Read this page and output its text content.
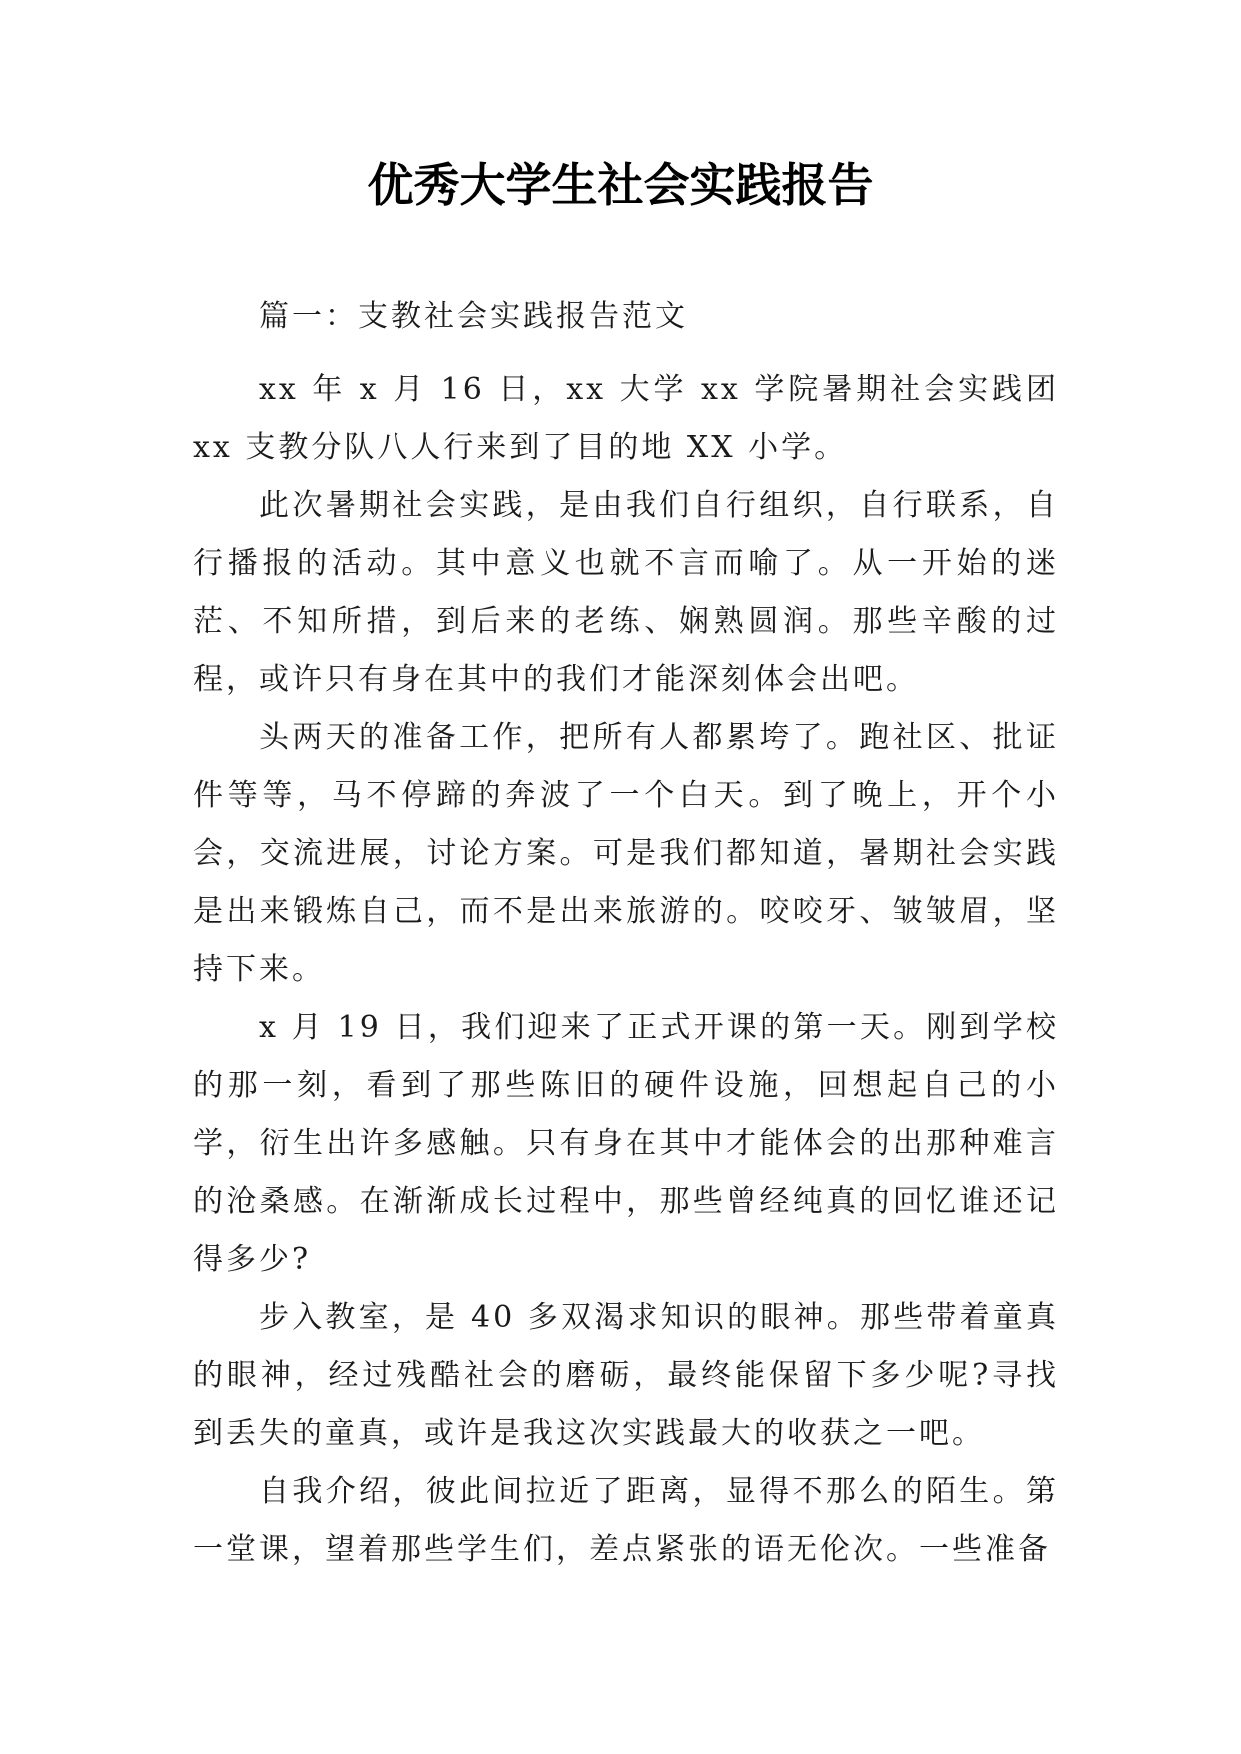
优秀大学生社会实践报告

篇一：支教社会实践报告范文

xx 年 x 月 16 日，xx 大学 xx 学院暑期社会实践团 xx 支教分队八人行来到了目的地 XX 小学。

此次暑期社会实践，是由我们自行组织，自行联系，自行播报的活动。其中意义也就不言而喻了。从一开始的迷茫、不知所措，到后来的老练、娴熟圆润。那些辛酸的过程，或许只有身在其中的我们才能深刻体会出吧。

头两天的准备工作，把所有人都累垮了。跑社区、批证件等等，马不停蹄的奔波了一个白天。到了晚上，开个小会，交流进展，讨论方案。可是我们都知道，暑期社会实践是出来锻炼自己，而不是出来旅游的。咬咬牙、皱皱眉，坚持下来。

x 月 19 日，我们迎来了正式开课的第一天。刚到学校的那一刻，看到了那些陈旧的硬件设施，回想起自己的小学，衍生出许多感触。只有身在其中才能体会的出那种难言的沧桑感。在渐渐成长过程中，那些曾经纯真的回忆谁还记得多少?

步入教室，是 40 多双渴求知识的眼神。那些带着童真的眼神，经过残酷社会的磨砺，最终能保留下多少呢?寻找到丢失的童真，或许是我这次实践最大的收获之一吧。

自我介绍，彼此间拉近了距离，显得不那么的陌生。第一堂课，望着那些学生们，差点紧张的语无伦次。一些准备
